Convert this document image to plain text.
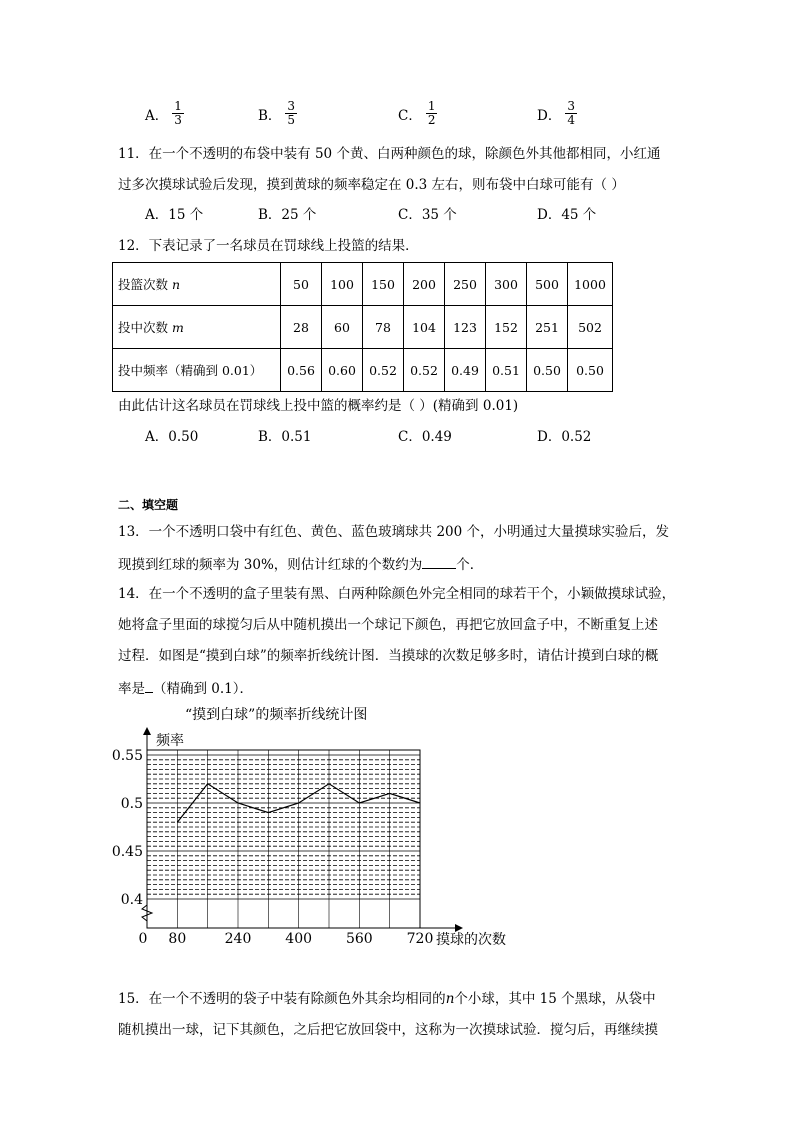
A． $\frac{1}{3}$	B． $\frac{3}{5}$	C． $\frac{1}{2}$	D． $\frac{3}{4}$
11．在一个不透明的布袋中装有 50 个黄、白两种颜色的球，除颜色外其他都相同，小红通
过多次摸球试验后发现，摸到黄球的频率稳定在 0.3 左右，则布袋中白球可能有（ ）
A．15 个	B．25 个	C．35 个	D．45 个
12．下表记录了一名球员在罚球线上投篮的结果．
投篮次数 n	50	100	150	200	250	300	500	1000
投中次数 m	28	60	78	104	123	152	251	502
投中频率（精确到 0.01）	0.56	0.60	0.52	0.52	0.49	0.51	0.50	0.50
由此估计这名球员在罚球线上投中篮的概率约是（ ）(精确到 0.01)
A．0.50	B．0.51	C．0.49	D．0.52
二、填空题
13．一个不透明口袋中有红色、黄色、蓝色玻璃球共 200 个，小明通过大量摸球实验后，发
现摸到红球的频率为 30%，则估计红球的个数约为	个．
14．在一个不透明的盒子里装有黑、白两种除颜色外完全相同的球若干个，小颖做摸球试验，
她将盒子里面的球搅匀后从中随机摸出一个球记下颜色，再把它放回盒子中，不断重复上述
过程．如图是“摸到白球”的频率折线统计图．当摸球的次数足够多时，请估计摸到白球的概
率是 （精确到 0.1）．
“摸到白球”的频率折线统计图
频率
摸球的次数
0.4
0.45
0.5
0.55
0 80	240 400 560 720
15．在一个不透明的袋子中装有除颜色外其余均相同的n个小球，其中 15 个黑球，从袋中
随机摸出一球，记下其颜色，之后把它放回袋中，这称为一次摸球试验．搅匀后，再继续摸
